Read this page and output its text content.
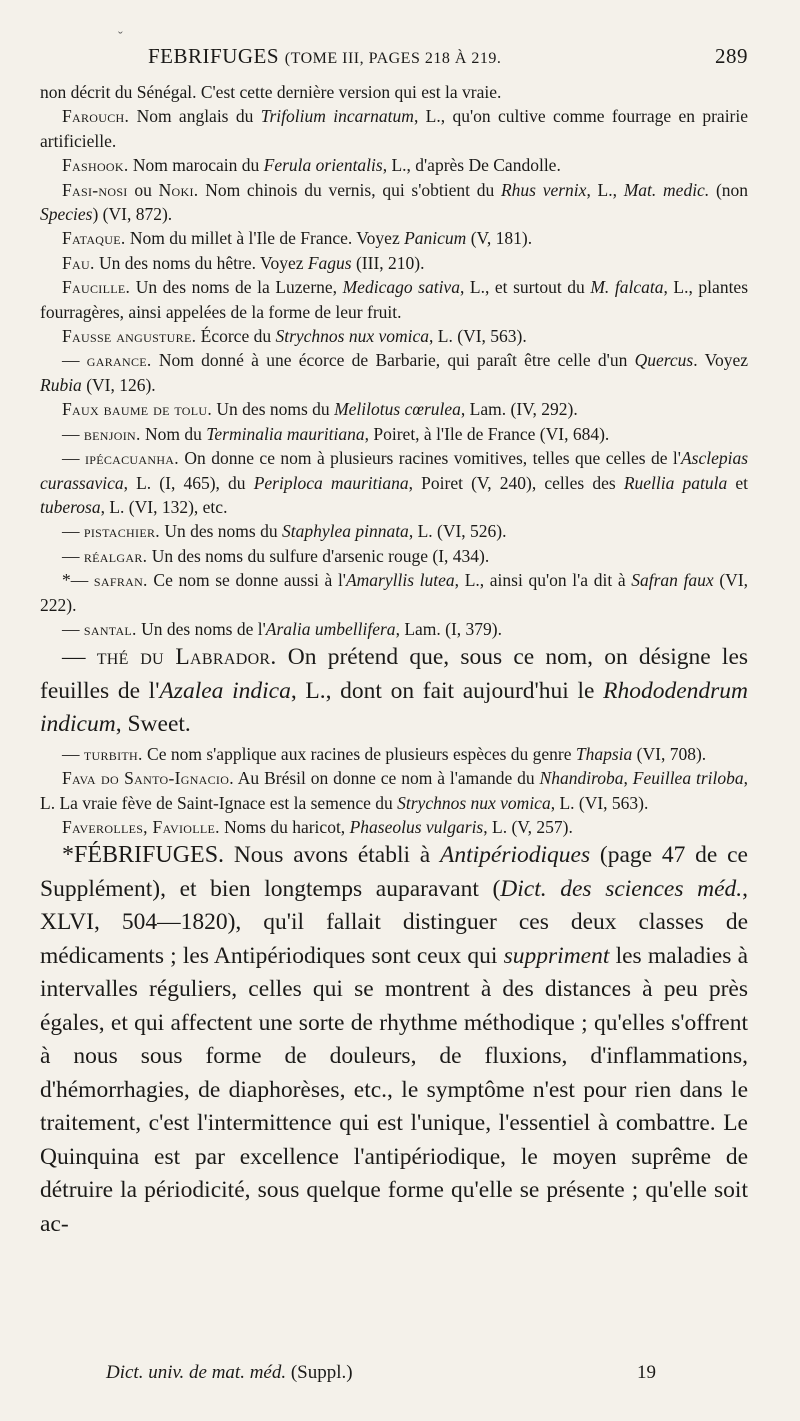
ˇ
FEBRIFUGES (TOME III, PAGES 218 À 219.	289

non décrit du Sénégal. C'est cette dernière version qui est la vraie.

Farouch. Nom anglais du Trifolium incarnatum, L., qu'on cultive comme fourrage en prairie artificielle.

Fashook. Nom marocain du Ferula orientalis, L., d'après De Candolle.

Fasi-nosi ou Noki. Nom chinois du vernis, qui s'obtient du Rhus vernix, L., Mat. medic. (non Species) (VI, 872).

Fataque. Nom du millet à l'Ile de France. Voyez Panicum (V, 181).

Fau. Un des noms du hêtre. Voyez Fagus (III, 210).

Faucille. Un des noms de la Luzerne, Medicago sativa, L., et surtout du M. falcata, L., plantes fourragères, ainsi appelées de la forme de leur fruit.

Fausse angusture. Écorce du Strychnos nux vomica, L. (VI, 563).

— garance. Nom donné à une écorce de Barbarie, qui paraît être celle d'un Quercus. Voyez Rubia (VI, 126).

Faux baume de tolu. Un des noms du Melilotus cœrulea, Lam. (IV, 292).

— benjoin. Nom du Terminalia mauritiana, Poiret, à l'Ile de France (VI, 684).

— ipécacuanha. On donne ce nom à plusieurs racines vomitives, telles que celles de l'Asclepias curassavica, L. (I, 465), du Periploca mauritiana, Poiret (V, 240), celles des Ruellia patula et tuberosa, L. (VI, 132), etc.

— pistachier. Un des noms du Staphylea pinnata, L. (VI, 526).

— réalgar. Un des noms du sulfure d'arsenic rouge (I, 434).

*— safran. Ce nom se donne aussi à l'Amaryllis lutea, L., ainsi qu'on l'a dit à Safran faux (VI, 222).

— santal. Un des noms de l'Aralia umbellifera, Lam. (I, 379).

— thé du Labrador. On prétend que, sous ce nom, on désigne les feuilles de l'Azalea indica, L., dont on fait aujourd'hui le Rhododendrum indicum, Sweet.

— turbith. Ce nom s'applique aux racines de plusieurs espèces du genre Thapsia (VI, 708).

Fava do Santo-Ignacio. Au Brésil on donne ce nom à l'amande du Nhandiroba, Feuillea triloba, L. La vraie fève de Saint-Ignace est la semence du Strychnos nux vomica, L. (VI, 563).

Faverolles, Faviolle. Noms du haricot, Phaseolus vulgaris, L. (V, 257).

*FÉBRIFUGES. Nous avons établi à Antipériodiques (page 47 de ce Supplément), et bien longtemps auparavant (Dict. des sciences méd., XLVI, 504—1820), qu'il fallait distinguer ces deux classes de médicaments ; les Antipériodiques sont ceux qui suppriment les maladies à intervalles réguliers, celles qui se montrent à des distances à peu près égales, et qui affectent une sorte de rhythme méthodique ; qu'elles s'offrent à nous sous forme de douleurs, de fluxions, d'inflammations, d'hémorrhagies, de diaphorèses, etc., le symptôme n'est pour rien dans le traitement, c'est l'intermittence qui est l'unique, l'essentiel à combattre. Le Quinquina est par excellence l'antipériodique, le moyen suprême de détruire la périodicité, sous quelque forme qu'elle se présente ; qu'elle soit ac-

Dict. univ. de mat. méd. (Suppl.)	19
